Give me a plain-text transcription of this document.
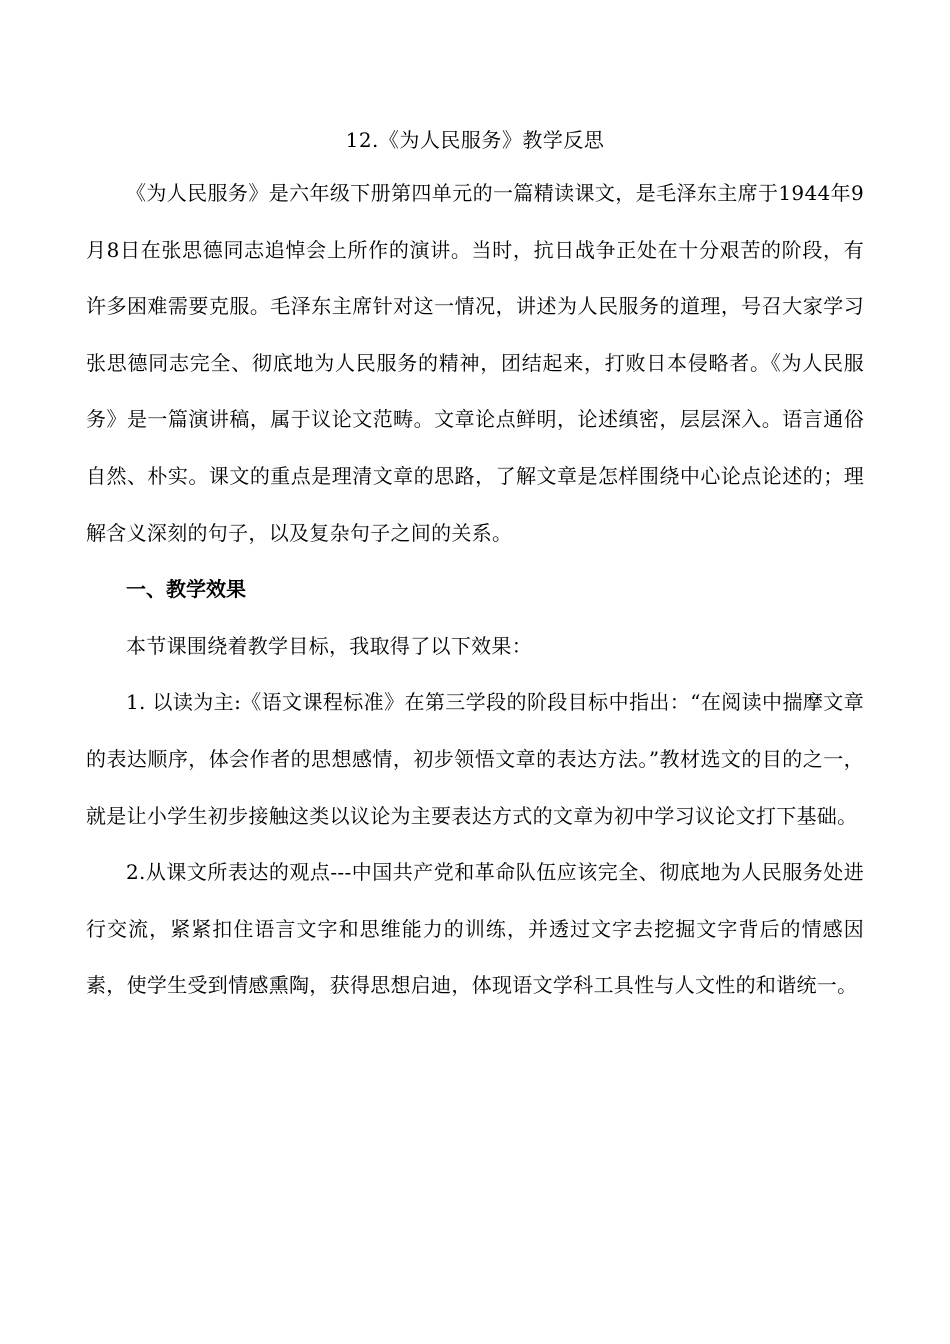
12.《为人民服务》教学反思

《为人民服务》是六年级下册第四单元的一篇精读课文，是毛泽东主席于1944年9月8日在张思德同志追悼会上所作的演讲。当时，抗日战争正处在十分艰苦的阶段，有许多困难需要克服。毛泽东主席针对这一情况，讲述为人民服务的道理，号召大家学习张思德同志完全、彻底地为人民服务的精神，团结起来，打败日本侵略者。《为人民服务》是一篇演讲稿，属于议论文范畴。文章论点鲜明，论述缜密，层层深入。语言通俗自然、朴实。课文的重点是理清文章的思路，了解文章是怎样围绕中心论点论述的；理解含义深刻的句子，以及复杂句子之间的关系。

一、教学效果

本节课围绕着教学目标，我取得了以下效果：

1. 以读为主:《语文课程标准》在第三学段的阶段目标中指出：“在阅读中揣摩文章的表达顺序，体会作者的思想感情，初步领悟文章的表达方法。”教材选文的目的之一，就是让小学生初步接触这类以议论为主要表达方式的文章为初中学习议论文打下基础。

2.从课文所表达的观点---中国共产党和革命队伍应该完全、彻底地为人民服务处进行交流，紧紧扣住语言文字和思维能力的训练，并透过文字去挖掘文字背后的情感因素，使学生受到情感熏陶，获得思想启迪，体现语文学科工具性与人文性的和谐统一。
